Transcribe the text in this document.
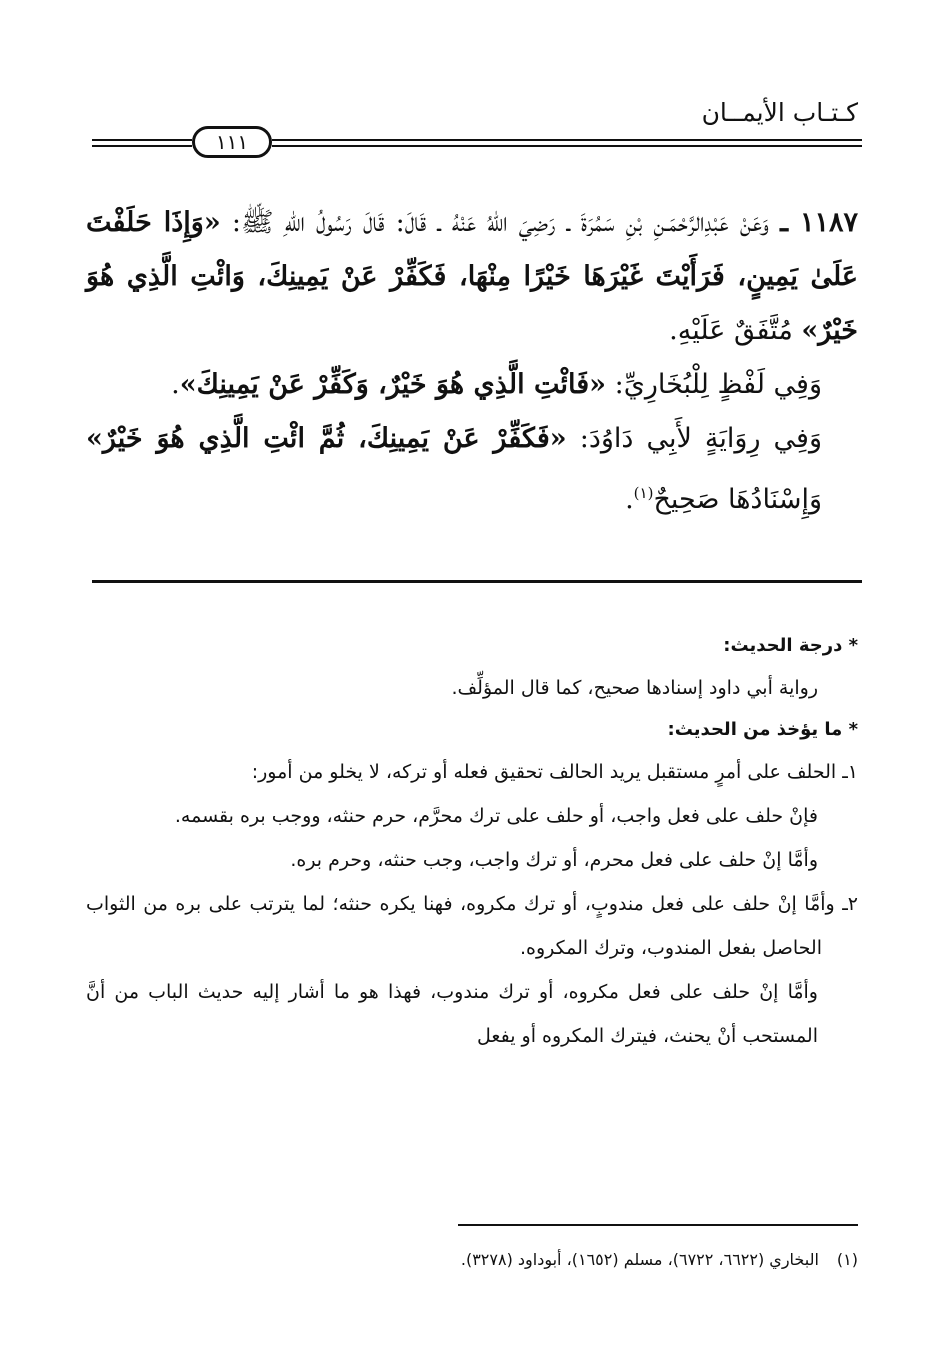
كـتـاب الأيمــان
١١١

١١٨٧ ـ وَعَنْ عَبْدِالرَّحْمَـنِ بْنِ سَمُرَةَ ـ رَضِيَ اللهُ عَنْهُ ـ قَالَ: قَالَ رَسُولُ اللهِ ﷺ: «وَإِذَا حَلَفْتَ عَلَىٰ يَمِينٍ، فَرَأَيْتَ غَيْرَهَا خَيْرًا مِنْهَا، فَكَفِّرْ عَنْ يَمِينِكَ، وَائْتِ الَّذِي هُوَ خَيْرٌ» مُتَّفَقٌ عَلَيْهِ.

وَفِي لَفْظٍ لِلْبُخَارِيِّ: «فَائْتِ الَّذِي هُوَ خَيْرٌ، وَكَفِّرْ عَنْ يَمِينِكَ».

وَفِي رِوَايَةٍ لأَبِي دَاوُدَ: «فَكَفِّرْ عَنْ يَمِينِكَ، ثُمَّ ائْتِ الَّذِي هُوَ خَيْرٌ» وَإِسْنَادُهَا صَحِيحٌ$^{(١)}$.

* درجة الحديث:

رواية أبي داود إسنادها صحيح، كما قال المؤلِّف.

* ما يؤخذ من الحديث:

١ـ الحلف على أمرٍ مستقبل يريد الحالف تحقيق فعله أو تركه، لا يخلو من أمور:

فإنْ حلف على فعل واجب، أو حلف على ترك محرَّم، حرم حنثه، ووجب بره بقسمه.

وأمَّا إنْ حلف على فعل محرم، أو ترك واجب، وجب حنثه، وحرم بره.

٢ـ وأمَّا إنْ حلف على فعل مندوبٍ، أو ترك مكروه، فهنا يكره حنثه؛ لما يترتب على بره من الثواب الحاصل بفعل المندوب، وترك المكروه.

وأمَّا إنْ حلف على فعل مكروه، أو ترك مندوب، فهذا هو ما أشار إليه حديث الباب من أنَّ المستحب أنْ يحنث، فيترك المكروه أو يفعل

(١)البخاري (٦٦٢٢، ٦٧٢٢)، مسلم (١٦٥٢)، أبوداود (٣٢٧٨).
